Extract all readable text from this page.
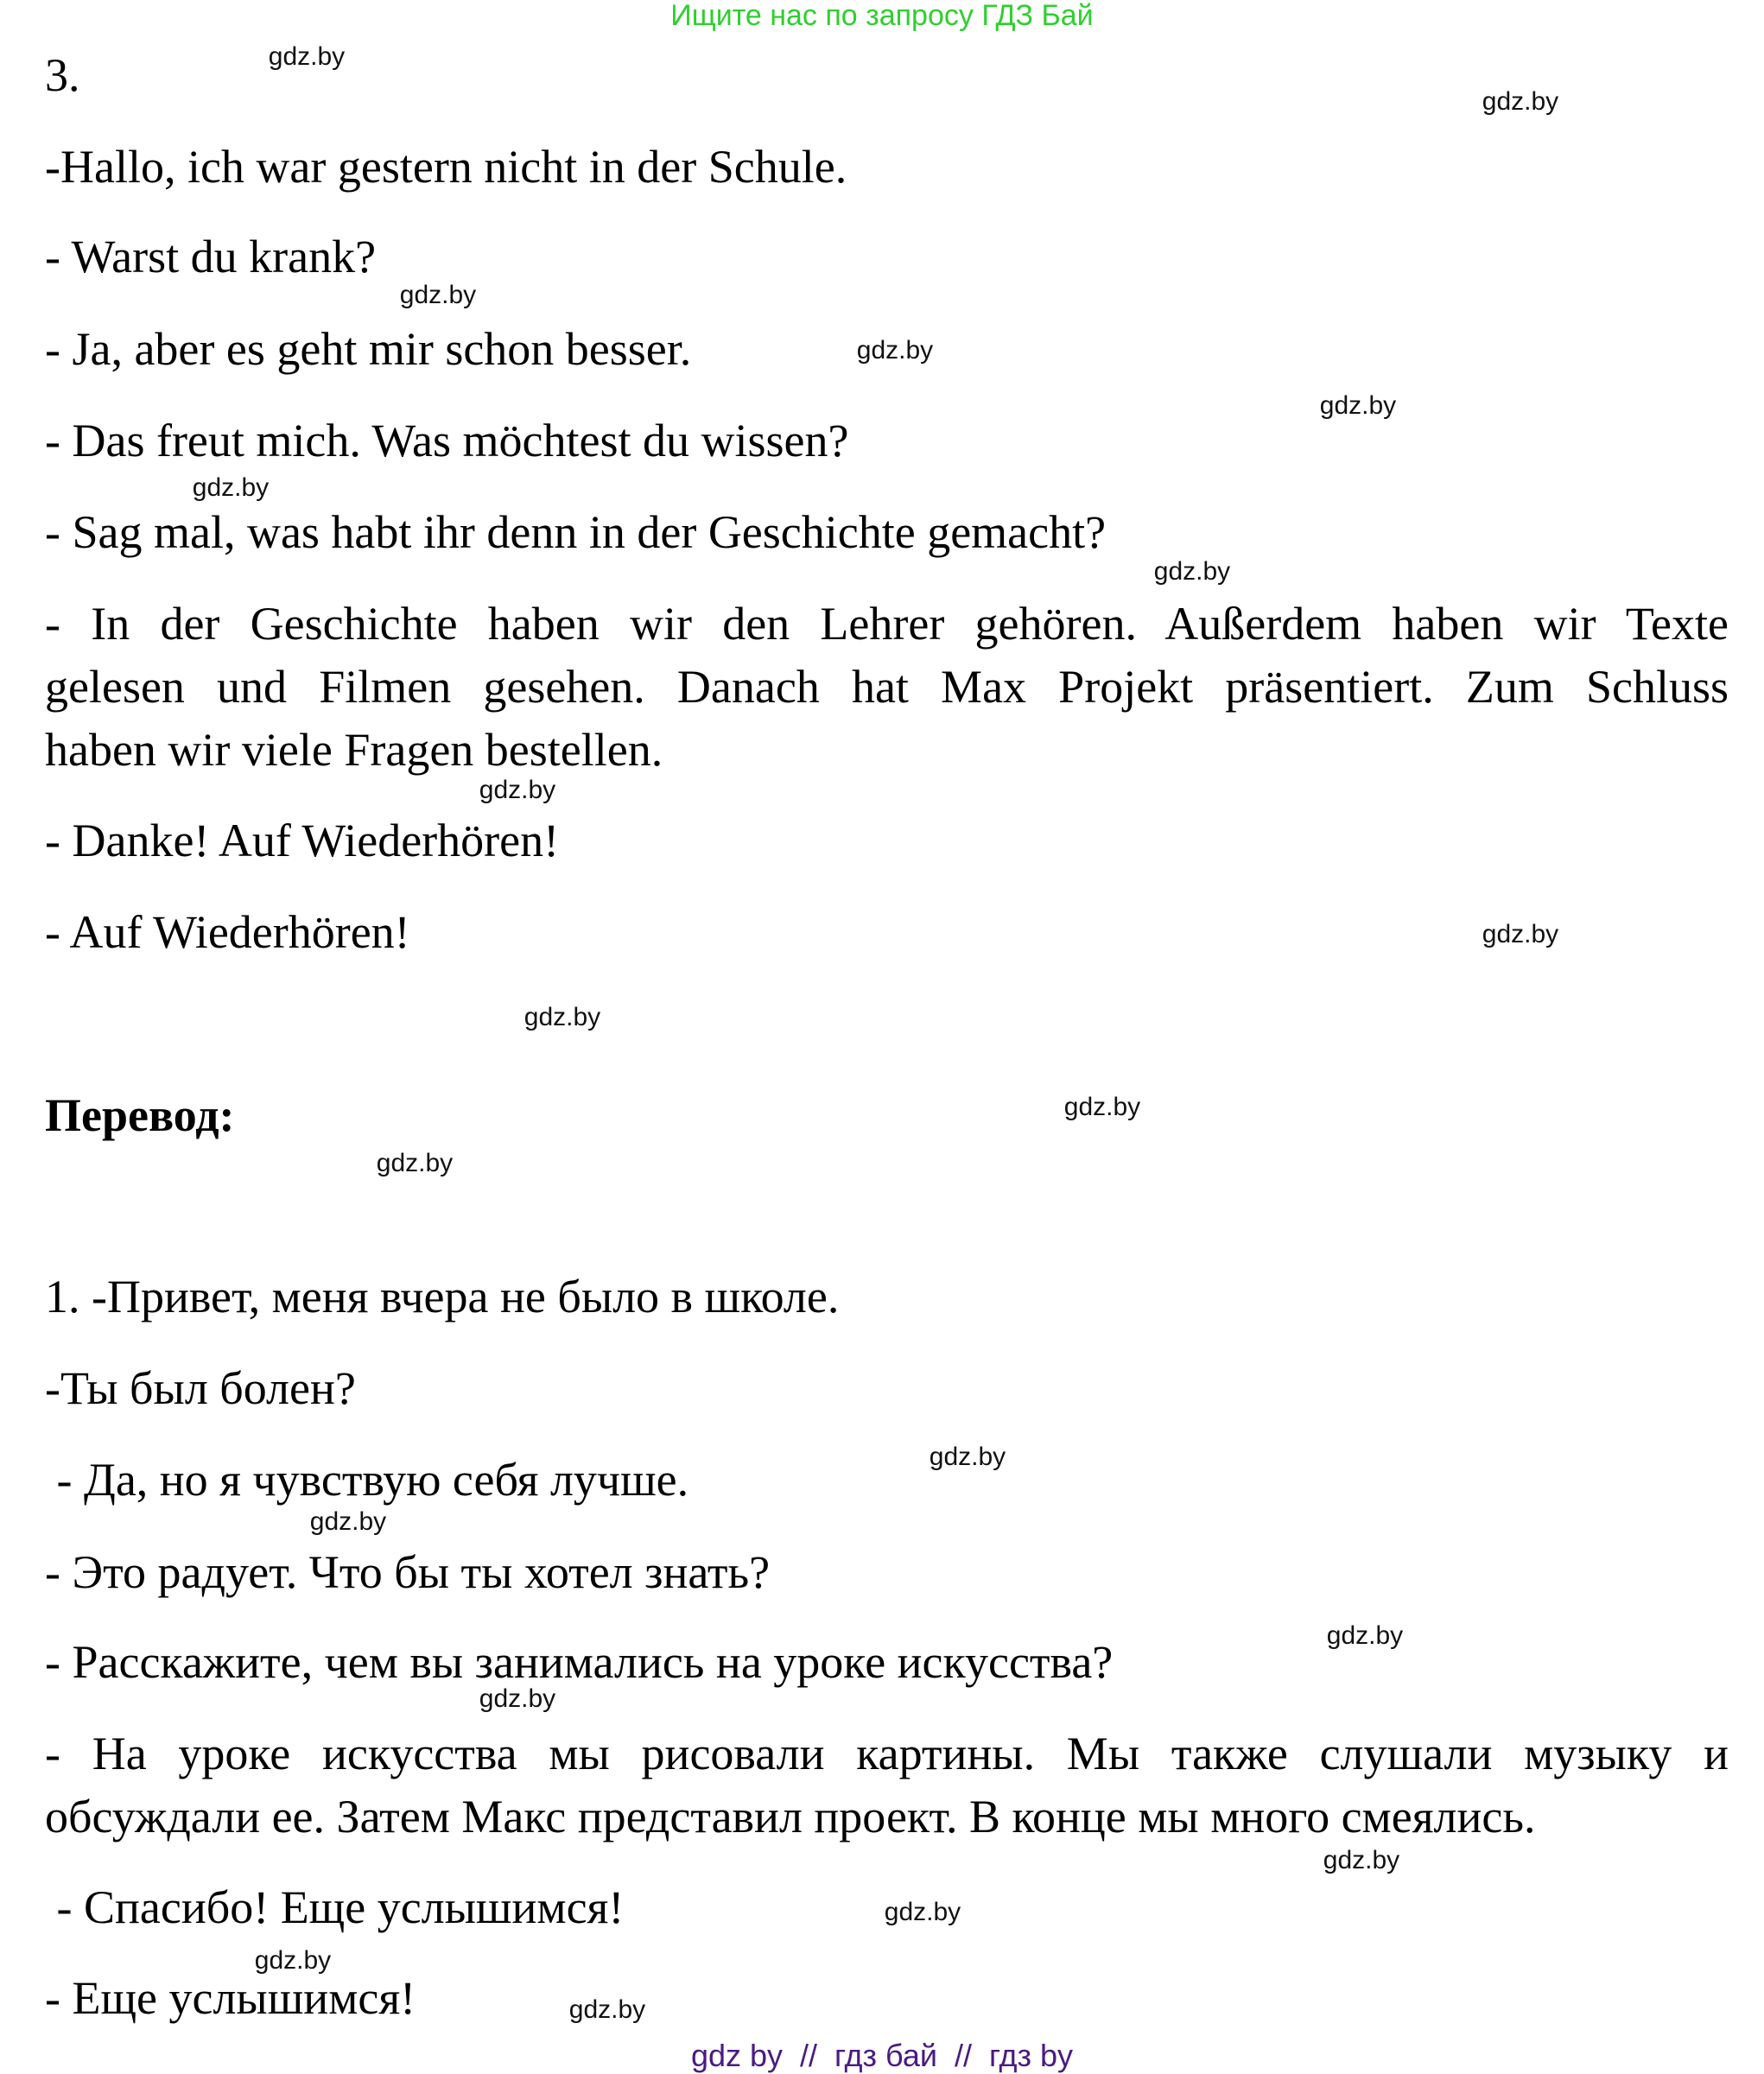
Ищите нас по запросу ГДЗ Бай
3.
-Hallo, ich war gestern nicht in der Schule.
- Warst du krank?
- Ja, aber es geht mir schon besser.
- Das freut mich. Was möchtest du wissen?
- Sag mal, was habt ihr denn in der Geschichte gemacht?
- In der Geschichte haben wir den Lehrer gehören. Außerdem haben wir Texte
gelesen und Filmen gesehen. Danach hat Max Projekt präsentiert. Zum Schluss
haben wir viele Fragen bestellen.
- Danke! Auf Wiederhören!
- Auf Wiederhören!
Перевод:
1. -Привет, меня вчера не было в школе.
-Ты был болен?
- Да, но я чувствую себя лучше.
- Это радует. Что бы ты хотел знать?
- Расскажите, чем вы занимались на уроке искусства?
- На уроке искусства мы рисовали картины. Мы также слушали музыку и
обсуждали ее. Затем Макс представил проект. В конце мы много смеялись.
- Спасибо! Еще услышимся!
- Еще услышимся!
gdz.by
gdz.by
gdz.by
gdz.by
gdz.by
gdz.by
gdz.by
gdz.by
gdz.by
gdz.by
gdz.by
gdz.by
gdz.by
gdz.by
gdz.by
gdz.by
gdz.by
gdz.by
gdz.by
gdz.by
gdz by  //  гдз бай  //  гдз by
